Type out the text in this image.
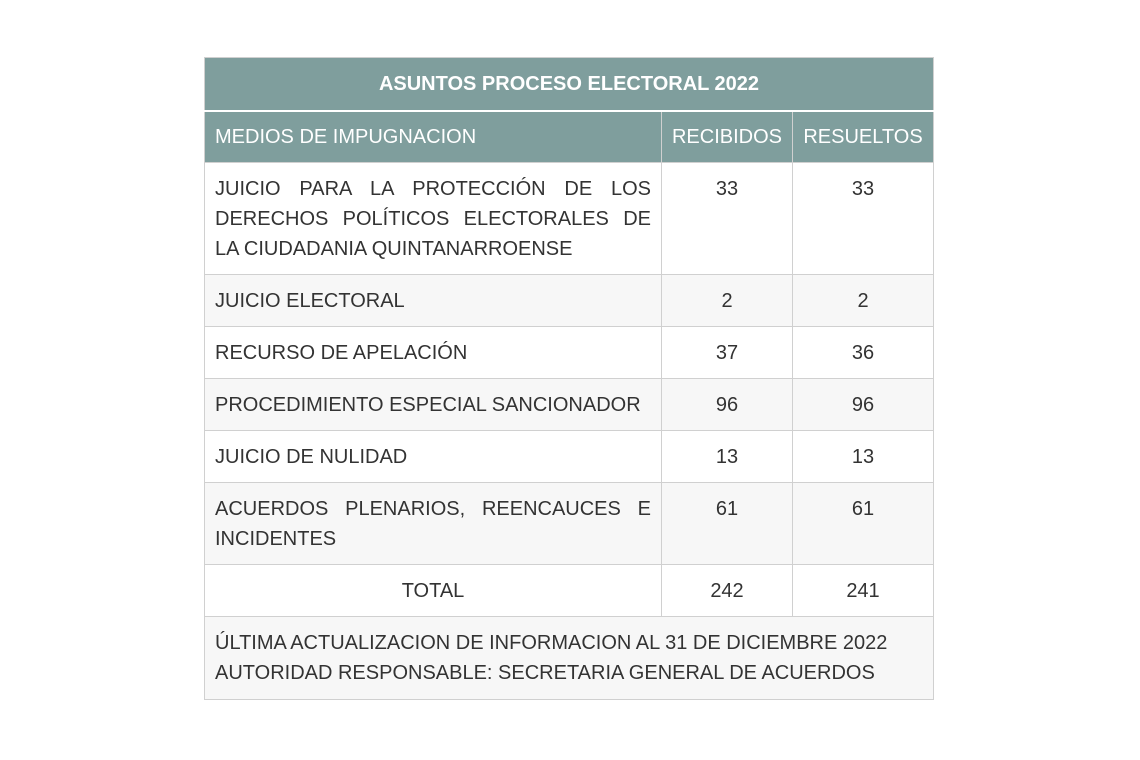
ASUNTOS PROCESO ELECTORAL 2022		
MEDIOS DE IMPUGNACION	RECIBIDOS	RESUELTOS
JUICIO PARA LA PROTECCIÓN DE LOS DERECHOS POLÍTICOS ELECTORALES DE LA CIUDADANIA QUINTANARROENSE	33	33
JUICIO ELECTORAL	2	2
RECURSO DE APELACIÓN	37	36
PROCEDIMIENTO ESPECIAL SANCIONADOR	96	96
JUICIO DE NULIDAD	13	13
ACUERDOS PLENARIOS, REENCAUCES E INCIDENTES	61	61
TOTAL	242	241

ÚLTIMA ACTUALIZACION DE INFORMACION AL 31 DE DICIEMBRE 2022
AUTORIDAD RESPONSABLE: SECRETARIA GENERAL DE ACUERDOS		
